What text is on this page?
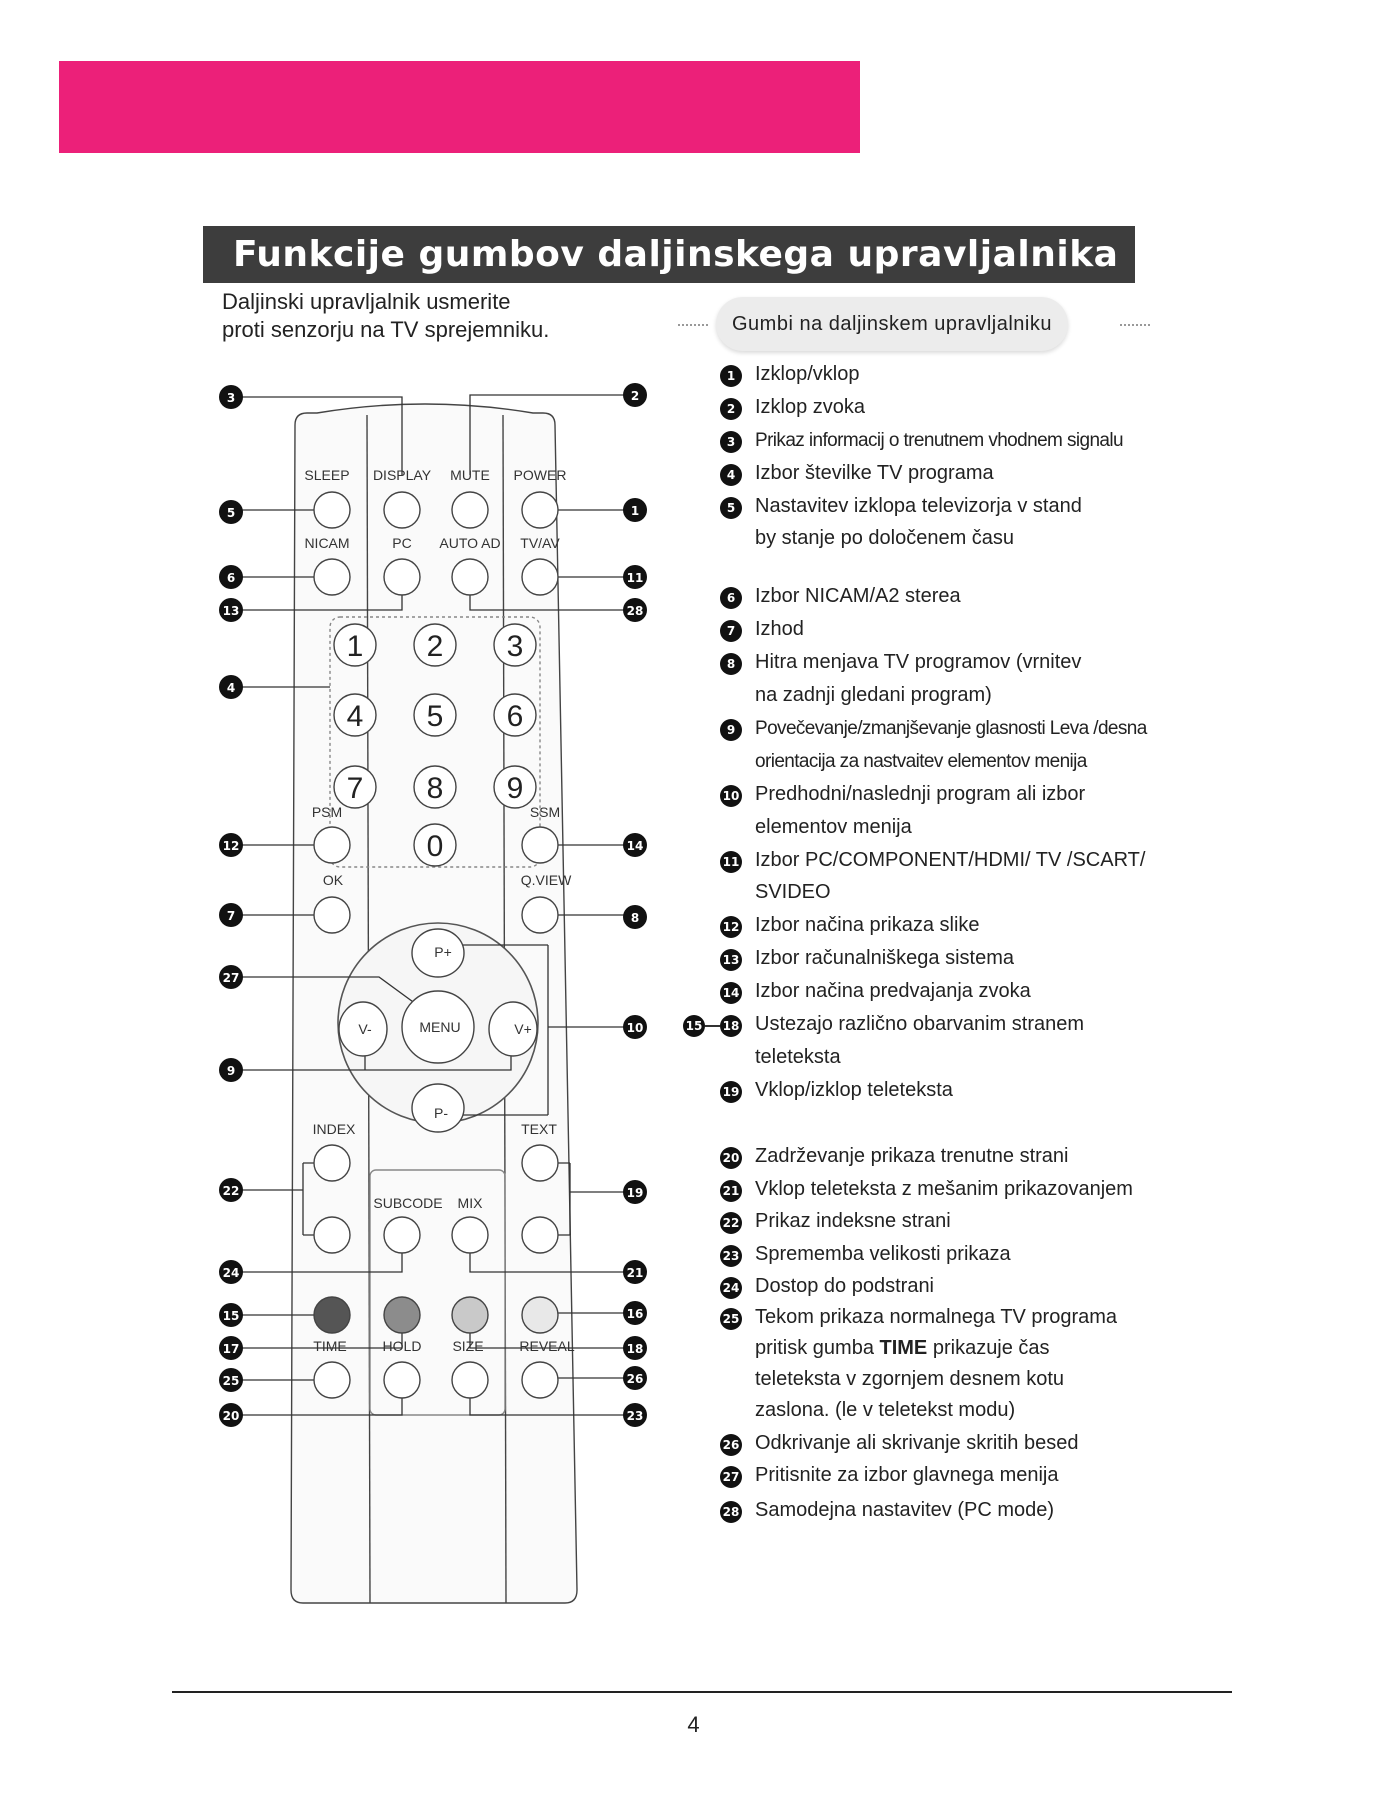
Funkcije gumbov daljinskega upravljalnika
Daljinski upravljalnik usmerite
proti senzorju na TV sprejemniku.	Gumbi na daljinskem upravljalniku
SLEEP DISPLAY MUTE POWER
NICAM	PC AUTO AD TV/AV
PSM	SSM
OK	Q.VIEW
P+
P-
V-	V+
MENU
INDEX	TEXT
SUBCODE MIX
TIME	HOLD SIZE	REVEAL
1 2 3
4 5 6
7 8 9
0
3	2
5	1
6	11
13	28
4
12	14
7	8
27
10
9
22	19
24	21
15	16
17	18
25	26
20	23
1 Izklop/vklop
2 Izklop zvoka
3	Prikaz informacij o trenutnem vhodnem signalu
4 Izbor številke TV programa
5 Nastavitev izklopa televizorja v stand
by stanje po določenem času
6 Izbor NICAM/A2 sterea
7 Izhod
8 Hitra menjava TV programov (vrnitev
na zadnji gledani program)
9	Povečevanje/zmanjševanje glasnosti Leva /desna
orientacija za nastvaitev elementov menija
10 Predhodni/naslednji program ali izbor
elementov menija
11 Izbor PC/COMPONENT/HDMI/ TV /SCART/
SVIDEO
12 Izbor načina prikaza slike
13 Izbor računalniškega sistema
14 Izbor načina predvajanja zvoka
18 Ustezajo različno obarvanim stranem
teleteksta
19 Vklop/izklop teleteksta
20 Zadrževanje prikaza trenutne strani
21 Vklop teleteksta z mešanim prikazovanjem
22 Prikaz indeksne strani
23 Sprememba velikosti prikaza
24 Dostop do podstrani
25 Tekom prikaza normalnega TV programa
pritisk gumba TIME prikazuje čas
teleteksta v zgornjem desnem kotu
zaslona. (le v teletekst modu)
26 Odkrivanje ali skrivanje skritih besed
27 Pritisnite za izbor glavnega menija
28 Samodejna nastavitev (PC mode)
15
4
